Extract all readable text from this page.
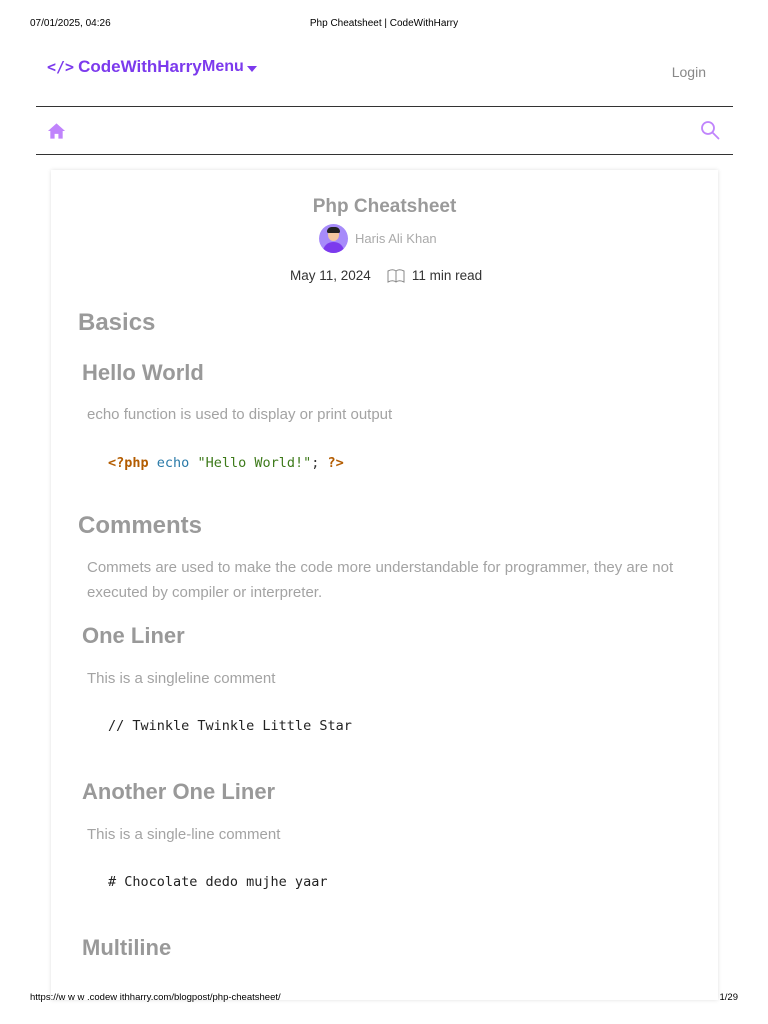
07/01/2025, 04:26	Php Cheatsheet | CodeWithHarry
</> CodeWithHarry Menu	Login
Php Cheatsheet
Haris Ali Khan
May 11, 2024	11 min read
Basics
Hello World
echo function is used to display or print output
<?php echo "Hello World!"; ?>
Comments
Commets are used to make the code more understandable for programmer, they are not executed by compiler or interpreter.
One Liner
This is a singleline comment
// Twinkle Twinkle Little Star
Another One Liner
This is a single-line comment
# Chocolate dedo mujhe yaar
Multiline
https://w w w .codew ithharry.com/blogpost/php-cheatsheet/	1/29
